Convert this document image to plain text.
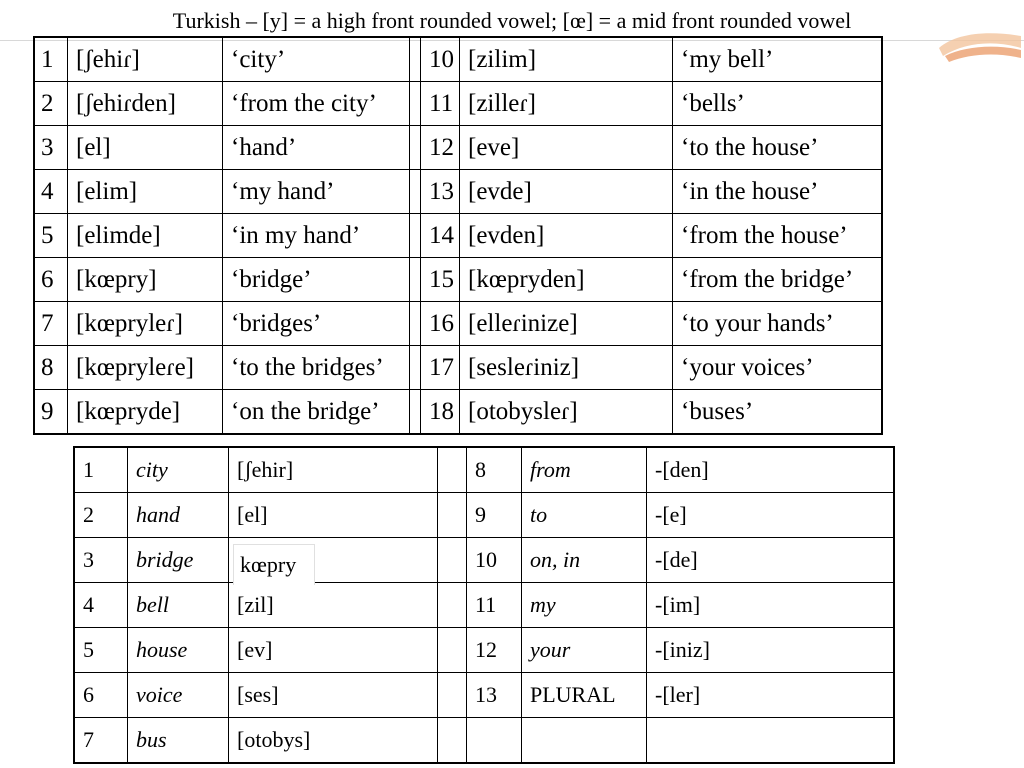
Turkish – [y] = a high front rounded vowel; [œ] = a mid front rounded vowel
1	[ʃehiɾ]	‘city’		10	[zilim]	‘my bell’
2	[ʃehiɾden]	‘from the city’		11	[zilleɾ]	‘bells’
3	[el]	‘hand’		12	[eve]	‘to the house’
4	[elim]	‘my hand’		13	[evde]	‘in the house’
5	[elimde]	‘in my hand’		14	[evden]	‘from the house’
6	[kœpry]	‘bridge’		15	[kœpryden]	‘from the bridge’
7	[kœpryleɾ]	‘bridges’		16	[elleɾinize]	‘to your hands’
8	[kœpryleɾe]	‘to the bridges’		17	[sesleɾiniz]	‘your voices’
9	[kœpryde]	‘on the bridge’		18	[otobysleɾ]	‘buses’
1	city	[ʃehir]		8	from	-[den]
2	hand	[el]		9	to	-[e]
3	bridge	kœpry		10	on, in	-[de]
4	bell	[zil]		11	my	-[im]
5	house	[ev]		12	your	-[iniz]
6	voice	[ses]		13	PLURAL	-[ler]
7	bus	[otobys]				
